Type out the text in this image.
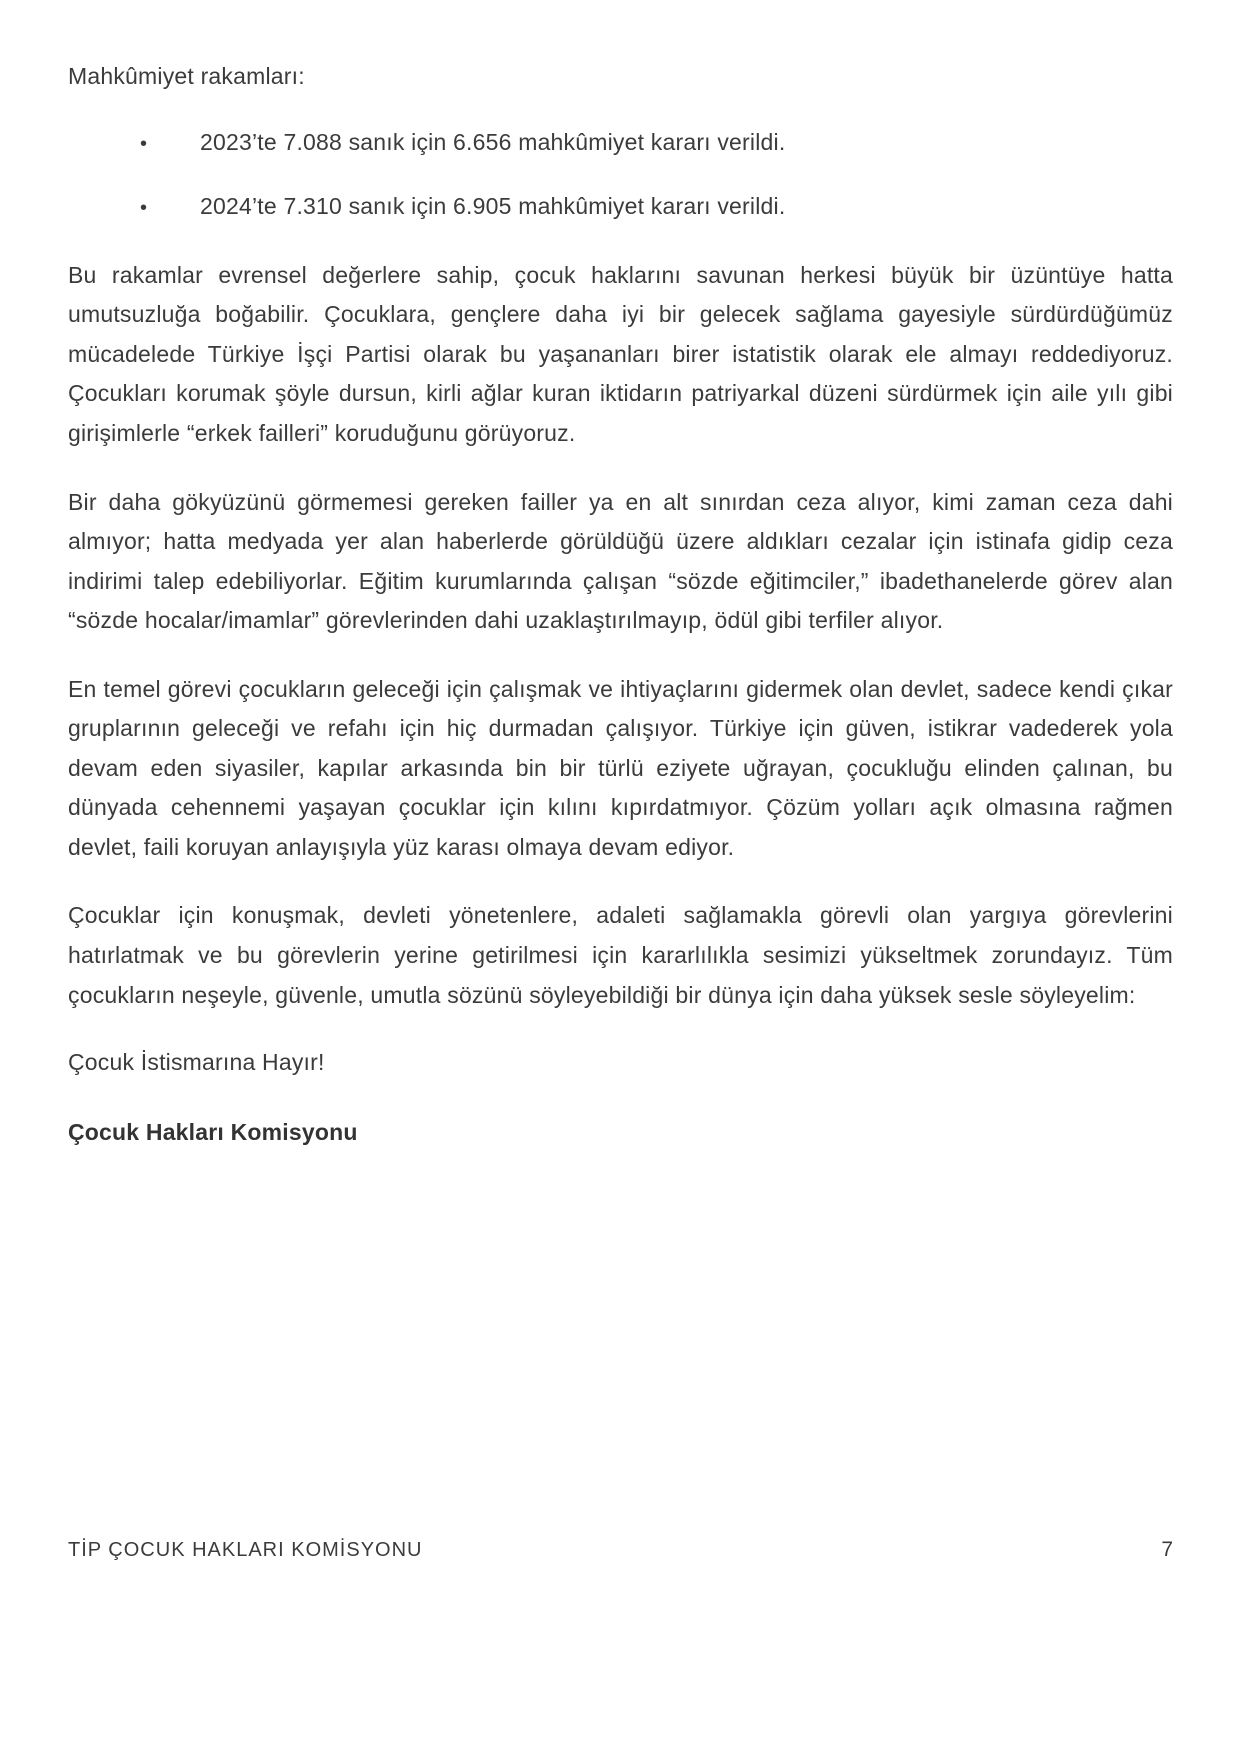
Mahkûmiyet rakamları:

•	2023’te 7.088 sanık için 6.656 mahkûmiyet kararı verildi.
•	2024’te 7.310 sanık için 6.905 mahkûmiyet kararı verildi.

Bu rakamlar evrensel değerlere sahip, çocuk haklarını savunan herkesi büyük bir üzüntüye hatta umutsuzluğa boğabilir. Çocuklara, gençlere daha iyi bir gelecek sağlama gayesiyle sürdürdüğümüz mücadelede Türkiye İşçi Partisi olarak bu yaşananları birer istatistik olarak ele almayı reddediyoruz. Çocukları korumak şöyle dursun, kirli ağlar kuran iktidarın patriyarkal düzeni sürdürmek için aile yılı gibi girişimlerle “erkek failleri” koruduğunu görüyoruz.

Bir daha gökyüzünü görmemesi gereken failler ya en alt sınırdan ceza alıyor, kimi zaman ceza dahi almıyor; hatta medyada yer alan haberlerde görüldüğü üzere aldıkları cezalar için istinafa gidip ceza indirimi talep edebiliyorlar. Eğitim kurumlarında çalışan “sözde eğitimciler,” ibadethanelerde görev alan “sözde hocalar/imamlar” görevlerinden dahi uzaklaştırılmayıp, ödül gibi terfiler alıyor.

En temel görevi çocukların geleceği için çalışmak ve ihtiyaçlarını gidermek olan devlet, sadece kendi çıkar gruplarının geleceği ve refahı için hiç durmadan çalışıyor. Türkiye için güven, istikrar vadederek yola devam eden siyasiler, kapılar arkasında bin bir türlü eziyete uğrayan, çocukluğu elinden çalınan, bu dünyada cehennemi yaşayan çocuklar için kılını kıpırdatmıyor. Çözüm yolları açık olmasına rağmen devlet, faili koruyan anlayışıyla yüz karası olmaya devam ediyor.

Çocuklar için konuşmak, devleti yönetenlere, adaleti sağlamakla görevli olan yargıya görevlerini hatırlatmak ve bu görevlerin yerine getirilmesi için kararlılıkla sesimizi yükseltmek zorundayız. Tüm çocukların neşeyle, güvenle, umutla sözünü söyleyebildiği bir dünya için daha yüksek sesle söyleyelim:

Çocuk İstismarına Hayır!

Çocuk Hakları Komisyonu

TİP ÇOCUK HAKLARI KOMİSYONU	7
